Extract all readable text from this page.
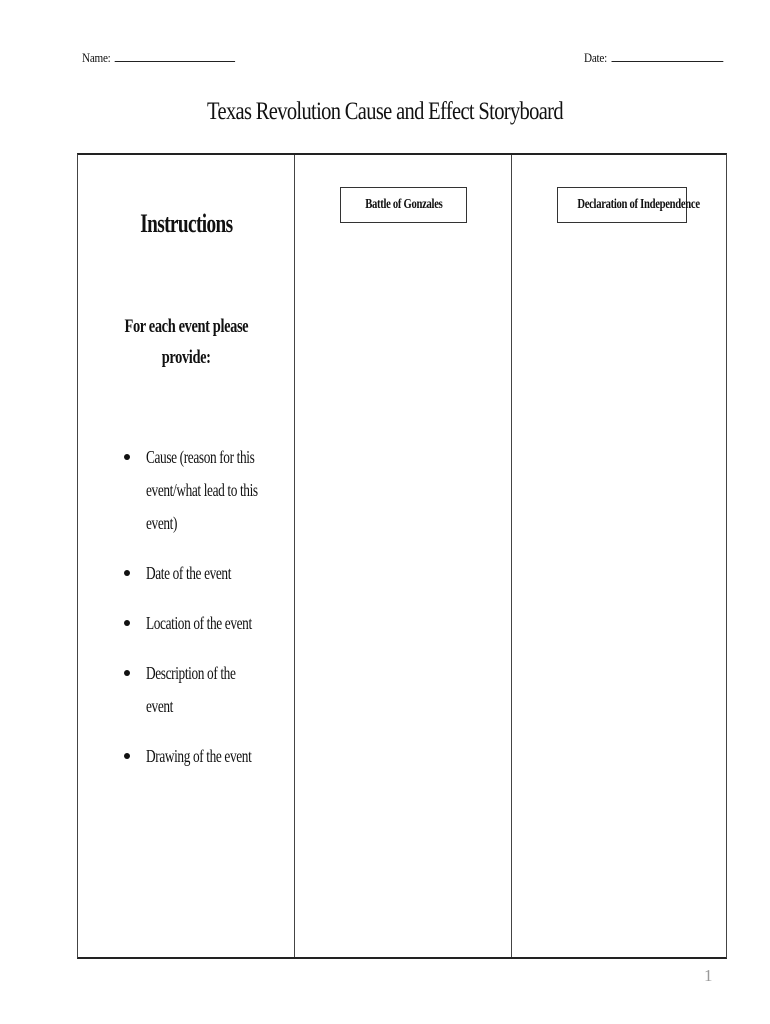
Name:	Date:
Texas Revolution Cause and Effect Storyboard
Instructions
For each event please
provide:
Cause (reason for this event/what lead to this event)
Date of the event
Location of the event
Description of the event
Drawing of the event
Battle of Gonzales	Declaration of Independence
1
